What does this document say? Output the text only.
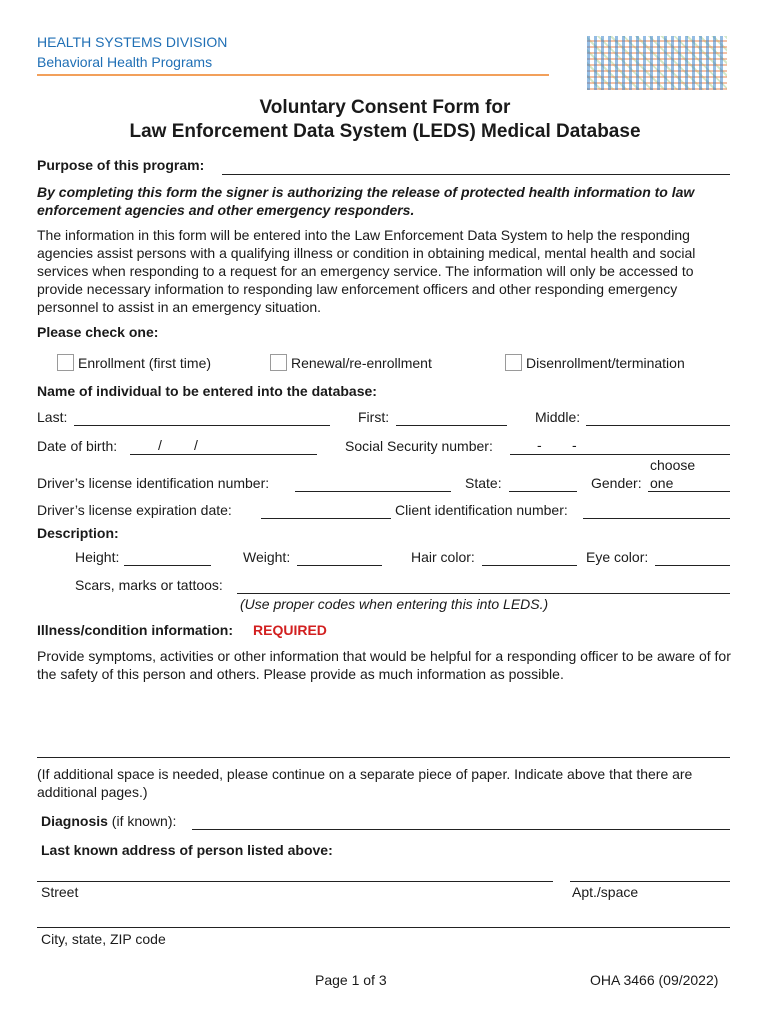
HEALTH SYSTEMS DIVISION
Behavioral Health Programs
Voluntary Consent Form for
Law Enforcement Data System (LEDS) Medical Database
Purpose of this program:
By completing this form the signer is authorizing the release of protected health information to law enforcement agencies and other emergency responders.
The information in this form will be entered into the Law Enforcement Data System to help the responding agencies assist persons with a qualifying illness or condition in obtaining medical, mental health and social services when responding to a request for an emergency service. The information will only be accessed to provide necessary information to responding law enforcement officers and other responding emergency personnel to assist in an emergency situation.
Please check one:
Enrollment (first time)	Renewal/re-enrollment	Disenrollment/termination
Name of individual to be entered into the database:
Last:	First:	Middle:
Date of birth:	/ /	Social Security number:	- -
Driver’s license identification number:	State:	Gender:
choose
one
Driver’s license expiration date:	Client identification number:
Description:
Height:	Weight:	Hair color:	Eye color:
Scars, marks or tattoos:
(Use proper codes when entering this into LEDS.)
Illness/condition information: REQUIRED
Provide symptoms, activities or other information that would be helpful for a responding officer to be aware of for the safety of this person and others. Please provide as much information as possible.
(If additional space is needed, please continue on a separate piece of paper. Indicate above that there are additional pages.)
Diagnosis (if known):
Last known address of person listed above:
Street	Apt./space
City, state, ZIP code
Page 1 of 3	OHA 3466 (09/2022)
